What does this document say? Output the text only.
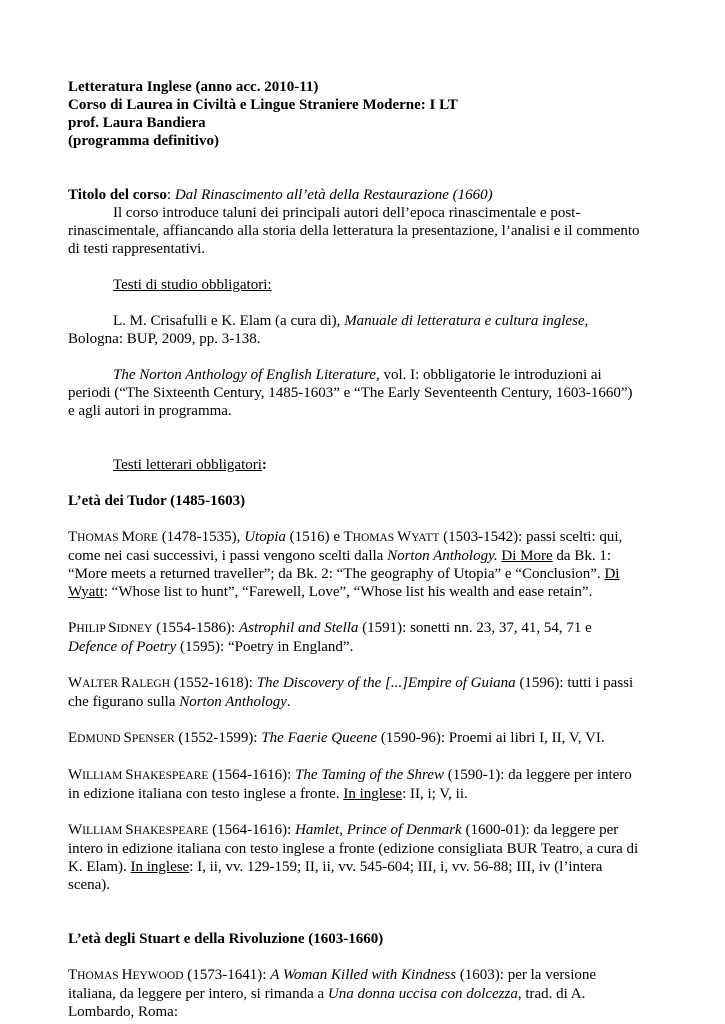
Letteratura Inglese (anno acc. 2010-11)

Corso di Laurea in Civiltà e Lingue Straniere Moderne: I LT

prof. Laura Bandiera

(programma definitivo)

Titolo del corso: Dal Rinascimento all’età della Restaurazione (1660)

Il corso introduce taluni dei principali autori dell’epoca rinascimentale e post-rinascimentale, affiancando alla storia della letteratura la presentazione, l’analisi e il commento di testi rappresentativi.

Testi di studio obbligatori:

L. M. Crisafulli e K. Elam (a cura di), Manuale di letteratura e cultura inglese, Bologna: BUP, 2009, pp. 3-138.

The Norton Anthology of English Literature, vol. I: obbligatorie le introduzioni ai periodi (“The Sixteenth Century, 1485-1603” e “The Early Seventeenth Century, 1603-1660”) e agli autori in programma.

Testi letterari obbligatori:

L’età dei Tudor (1485-1603)

THOMAS MORE (1478-1535), Utopia (1516) e THOMAS WYATT (1503-1542): passi scelti: qui, come nei casi successivi, i passi vengono scelti dalla Norton Anthology. Di More da Bk. 1: “More meets a returned traveller”; da Bk. 2: “The geography of Utopia” e “Conclusion”. Di Wyatt: “Whose list to hunt”, “Farewell, Love”, “Whose list his wealth and ease retain”.

PHILIP SIDNEY (1554-1586): Astrophil and Stella (1591): sonetti nn. 23, 37, 41, 54, 71 e Defence of Poetry (1595): “Poetry in England”.

WALTER RALEGH (1552-1618): The Discovery of the [...]Empire of Guiana (1596): tutti i passi che figurano sulla Norton Anthology.

EDMUND SPENSER (1552-1599): The Faerie Queene (1590-96): Proemi ai libri I, II, V, VI.

WILLIAM SHAKESPEARE (1564-1616): The Taming of the Shrew (1590-1): da leggere per intero in edizione italiana con testo inglese a fronte. In inglese: II, i; V, ii.

WILLIAM SHAKESPEARE (1564-1616): Hamlet, Prince of Denmark (1600-01): da leggere per intero in edizione italiana con testo inglese a fronte (edizione consigliata BUR Teatro, a cura di K. Elam). In inglese: I, ii, vv. 129-159; II, ii, vv. 545-604; III, i, vv. 56-88; III, iv (l’intera scena).

L’età degli Stuart e della Rivoluzione (1603-1660)

THOMAS HEYWOOD (1573-1641): A Woman Killed with Kindness (1603): per la versione italiana, da leggere per intero, si rimanda a Una donna uccisa con dolcezza, trad. di A. Lombardo, Roma:
